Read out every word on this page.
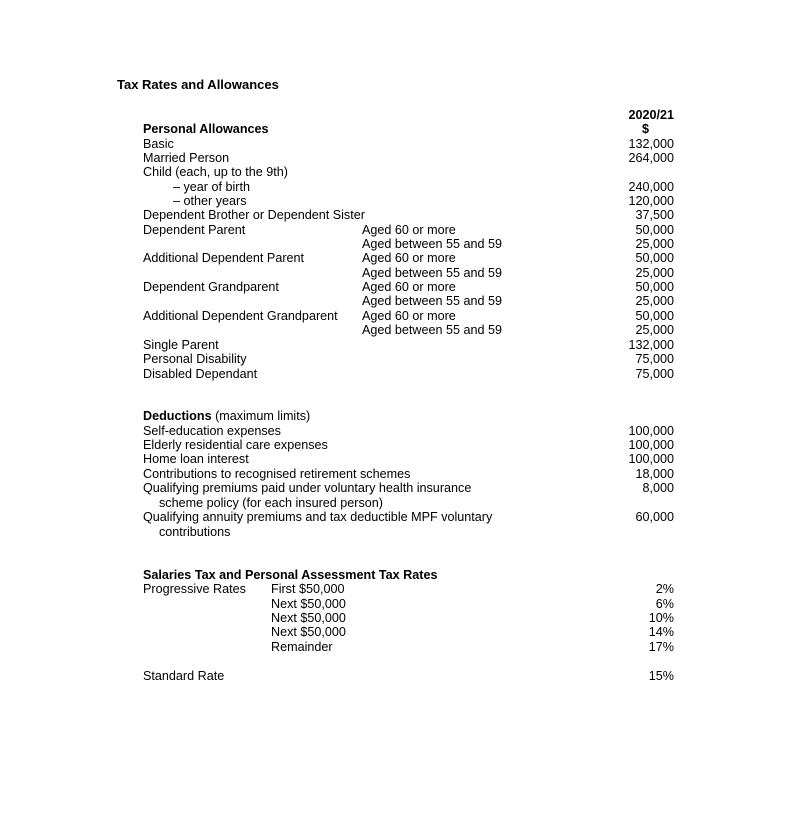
Tax Rates and Allowances
2020/21
$
Personal Allowances
Basic	132,000
Married Person	264,000
Child (each, up to the 9th)
– year of birth	240,000
– other years	120,000
Dependent Brother or Dependent Sister	37,500
Dependent Parent	Aged 60 or more	50,000
Aged between 55 and 59	25,000
Additional Dependent Parent	Aged 60 or more	50,000
Aged between 55 and 59	25,000
Dependent Grandparent	Aged 60 or more	50,000
Aged between 55 and 59	25,000
Additional Dependent Grandparent Aged 60 or more	50,000
Aged between 55 and 59	25,000
Single Parent	132,000
Personal Disability	75,000
Disabled Dependant	75,000
Deductions (maximum limits)
Self-education expenses	100,000
Elderly residential care expenses	100,000
Home loan interest	100,000
Contributions to recognised retirement schemes	18,000
Qualifying premiums paid under voluntary health insurance	8,000
scheme policy (for each insured person)
Qualifying annuity premiums and tax deductible MPF voluntary	60,000
contributions
Salaries Tax and Personal Assessment Tax Rates
Progressive Rates First $50,000	2%
Next $50,000	6%
Next $50,000	10%
Next $50,000	14%
Remainder	17%
Standard Rate	15%
